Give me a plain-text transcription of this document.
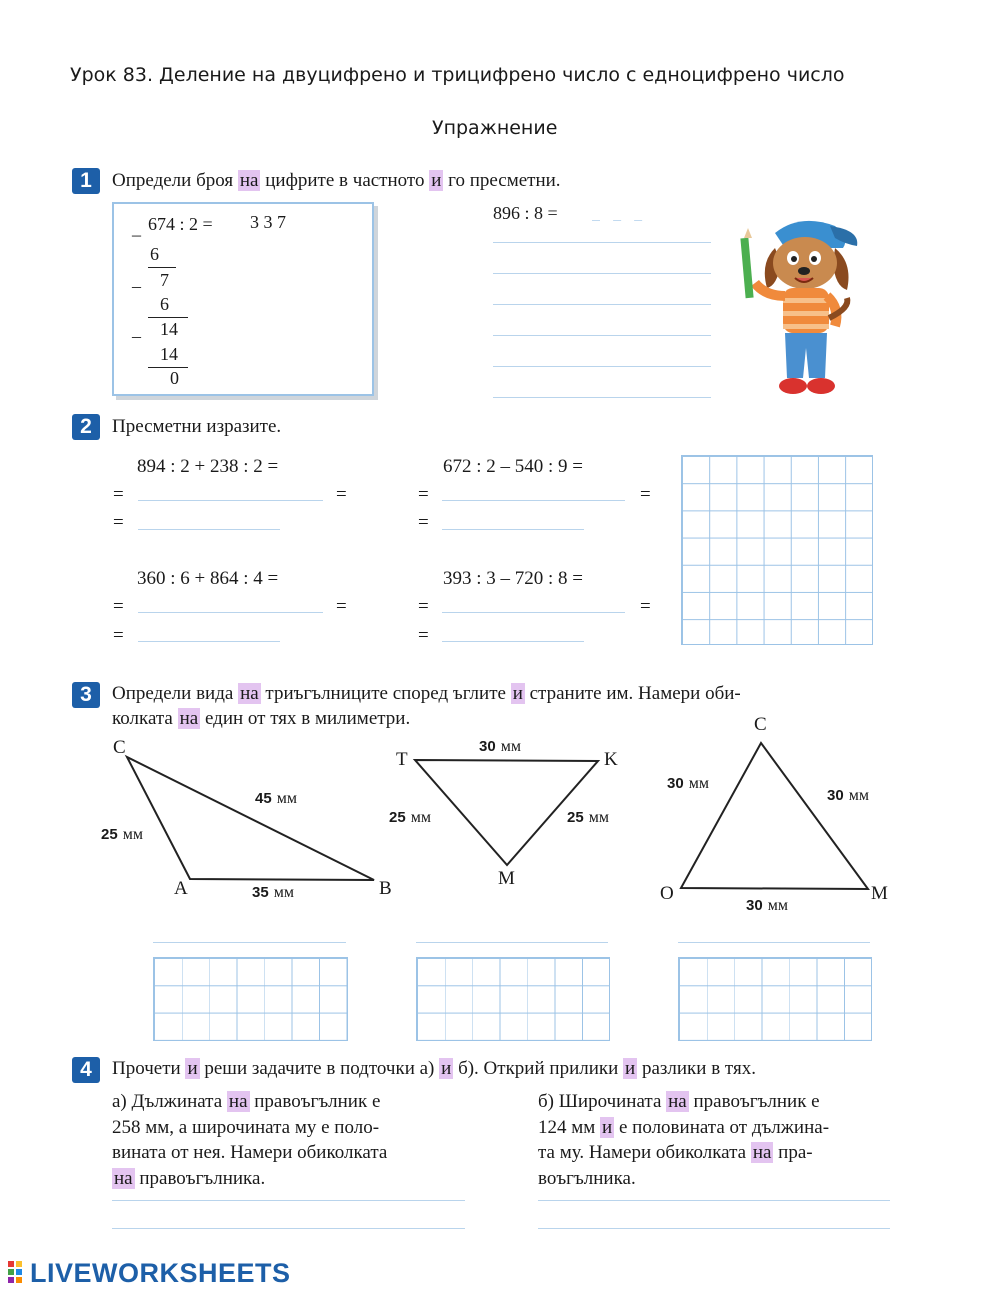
Урок 83. Деление на двуцифрено и трицифрено число с едноцифрено число
Упражнение
1	Определи броя на цифрите в частното и го пресметни.
674 : 2 = 3 3 7
_
6
– 7
6
– 14
14
0
896 : 8 = _ _ _
2	Пресметни изразите.
894 : 2 + 238 : 2 =
=	=
=
672 : 2 – 540 : 9 =
=	=
=
360 : 6 + 864 : 4 =
=	=
=
393 : 3 – 720 : 8 =
=	=
=
3	Определи вида на триъгълниците според ъглите и страните им. Намери оби-
колката на един от тях в милиметри.
C
A	B
25 мм
45 мм
35 мм
T	K
M
30 мм
25 мм	25 мм
C
O	M
30 мм
30 мм
30 мм
4	Прочети и реши задачите в подточки а) и б). Открий прилики и разлики в тях.
а) Дължината на правоъгълник е
258 мм, а широчината му е поло-
вината от нея. Намери обиколката
на правоъгълника.
б) Широчината на правоъгълник е
124 мм и е половината от дължина-
та му. Намери обиколката на пра-
воъгълника.
LIVEWORKSHEETS
